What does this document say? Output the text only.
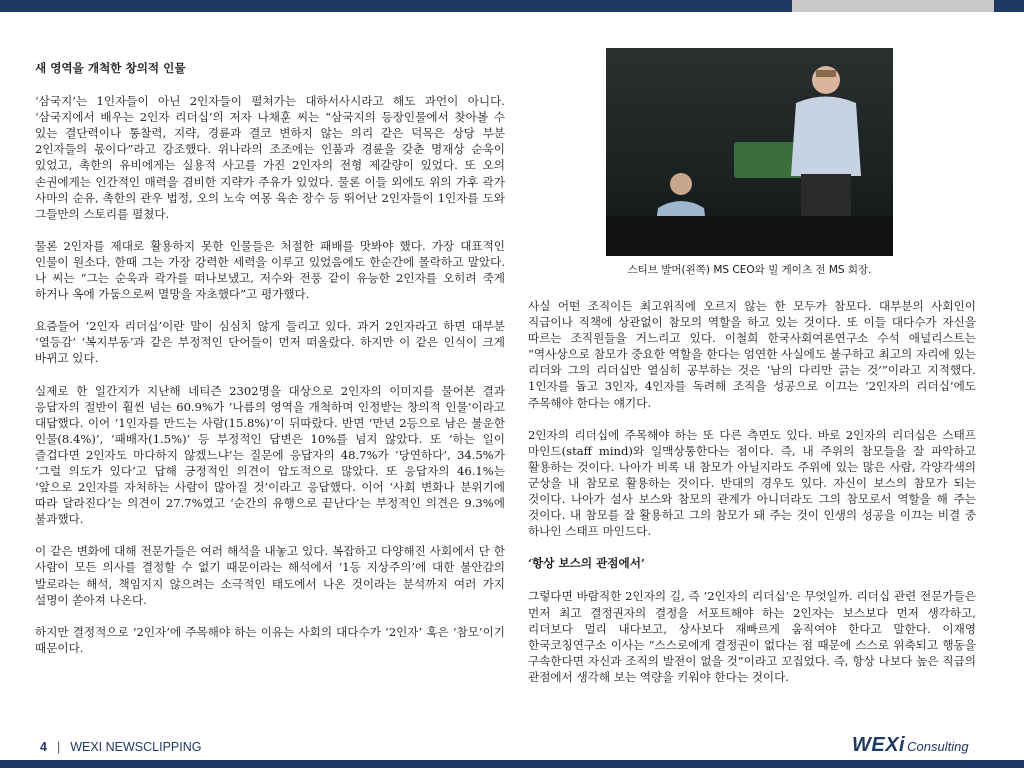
새 영역을 개척한 창의적 인물

‘삼국지’는 1인자들이 아닌 2인자들이 펼쳐가는 대하서사시라고 해도 과언이 아니다. ‘삼국지에서 배우는 2인자 리더십’의 저자 나채훈 씨는 “삼국지의 등장인물에서 찾아볼 수 있는 결단력이나 통찰력, 지략, 경륜과 결코 변하지 않는 의리 같은 덕목은 상당 부분 2인자들의 몫이다”라고 강조했다. 위나라의 조조에는 인품과 경륜을 갖춘 명재상 순욱이 있었고, 촉한의 유비에게는 실용적 사고를 가진 2인자의 전형 제갈량이 있었다. 또 오의 손권에게는 인간적인 매력을 겸비한 지략가 주유가 있었다. 물론 이들 외에도 위의 가후 곽가 사마의 순유, 촉한의 관우 법정, 오의 노숙 여몽 육손 장수 등 뛰어난 2인자들이 1인자를 도와 그들만의 스토리를 펼쳤다.

물론 2인자를 제대로 활용하지 못한 인물들은 처절한 패배를 맛봐야 했다. 가장 대표적인 인물이 원소다. 한때 그는 가장 강력한 세력을 이루고 있었음에도 한순간에 몰락하고 말았다. 나 씨는 “그는 순욱과 곽가를 떠나보냈고, 저수와 전풍 같이 유능한 2인자를 오히려 죽게 하거나 옥에 가둠으로써 멸망을 자초했다”고 평가했다.

요즘들어 ‘2인자 리더십’이란 말이 심심치 않게 들리고 있다. 과거 2인자라고 하면 대부분 ‘열등감’ ‘복지부동’과 같은 부정적인 단어들이 먼저 떠올랐다. 하지만 이 같은 인식이 크게 바뀌고 있다.

실제로 한 일간지가 지난해 네티즌 2302명을 대상으로 2인자의 이미지를 물어본 결과 응답자의 절반이 훨씬 넘는 60.9%가 ‘나름의 영역을 개척하며 인정받는 창의적 인물’이라고 대답했다. 이어 ‘1인자를 만드는 사람(15.8%)’이 뒤따랐다. 반면 ‘만년 2등으로 남은 불운한 인물(8.4%)’, ‘패배자(1.5%)’ 등 부정적인 답변은 10%를 넘지 않았다. 또 ‘하는 일이 즐겁다면 2인자도 마다하지 않겠느냐’는 질문에 응답자의 48.7%가 ‘당연하다’, 34.5%가 ‘그럴 의도가 있다’고 답해 긍정적인 의견이 압도적으로 많았다. 또 응답자의 46.1%는 ‘앞으로 2인자를 자처하는 사람이 많아질 것’이라고 응답했다. 이어 ‘사회 변화나 분위기에 따라 달라진다’는 의견이 27.7%였고 ‘순간의 유행으로 끝난다’는 부정적인 의견은 9.3%에 불과했다.

이 같은 변화에 대해 전문가들은 여러 해석을 내놓고 있다. 복잡하고 다양해진 사회에서 단 한 사람이 모든 의사를 결정할 수 없기 때문이라는 해석에서 ‘1등 지상주의’에 대한 불안감의 발로라는 해석, 책임지지 않으려는 소극적인 태도에서 나온 것이라는 분석까지 여러 가지 설명이 쏟아져 나온다.

하지만 결정적으로 ‘2인자’에 주목해야 하는 이유는 사회의 대다수가 ‘2인자’ 혹은 ‘참모’이기 때문이다.

스티브 발머(왼쪽) MS CEO와 빌 게이츠 전 MS 회장.

사실 어떤 조직이든 최고위직에 오르지 않는 한 모두가 참모다. 대부분의 사회인이 직급이나 직책에 상관없이 참모의 역할을 하고 있는 것이다. 또 이들 대다수가 자신을 따르는 조직원들을 거느리고 있다. 이철희 한국사회여론연구소 수석 애널리스트는 “역사상으로 참모가 중요한 역할을 한다는 엄연한 사실에도 불구하고 최고의 자리에 있는 리더와 그의 리더십만 열심히 공부하는 것은 ‘남의 다리만 긁는 것’”이라고 지적했다. 1인자를 돕고 3인자, 4인자를 독려해 조직을 성공으로 이끄는 ‘2인자의 리더십’에도 주목해야 한다는 얘기다.

2인자의 리더십에 주목해야 하는 또 다른 측면도 있다. 바로 2인자의 리더십은 스태프 마인드(staff mind)와 일맥상통한다는 점이다. 즉, 내 주위의 참모들을 잘 파악하고 활용하는 것이다. 나아가 비록 내 참모가 아닐지라도 주위에 있는 많은 사람, 각양각색의 군상을 내 참모로 활용하는 것이다. 반대의 경우도 있다. 자신이 보스의 참모가 되는 것이다. 나아가 설사 보스와 참모의 관계가 아니더라도 그의 참모로서 역할을 해 주는 것이다. 내 참모를 잘 활용하고 그의 참모가 돼 주는 것이 인생의 성공을 이끄는 비결 중 하나인 스태프 마인드다.

‘항상 보스의 관점에서’

그렇다면 바람직한 2인자의 길, 즉 ‘2인자의 리더십’은 무엇일까. 리더십 관련 전문가들은 먼저 최고 결정권자의 결정을 서포트해야 하는 2인자는 보스보다 먼저 생각하고, 리더보다 멀리 내다보고, 상사보다 재빠르게 움직여야 한다고 말한다. 이재영 한국코칭연구소 이사는 “스스로에게 결정권이 없다는 점 때문에 스스로 위축되고 행동을 구속한다면 자신과 조직의 발전이 없을 것”이라고 꼬집었다. 즉, 항상 나보다 높은 직급의 관점에서 생각해 보는 역량을 키워야 한다는 것이다.

4 | WEXI NEWSCLIPPING	WEXi Consulting
